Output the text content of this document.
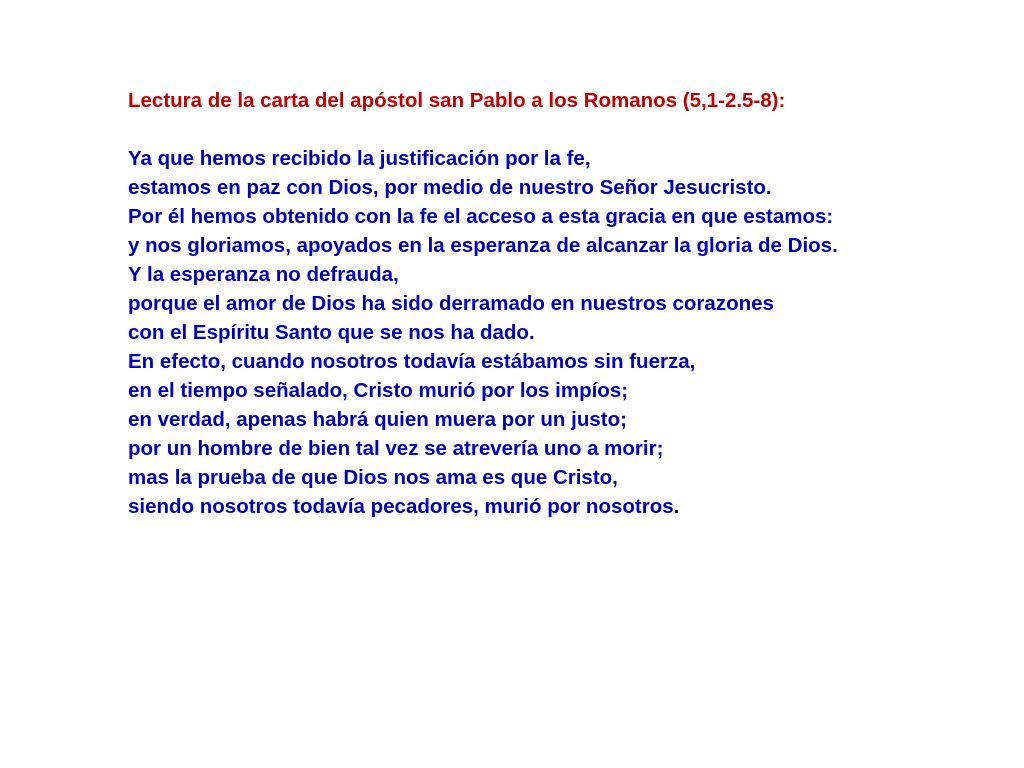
Lectura de la carta del apóstol san Pablo a los Romanos (5,1-2.5-8):
Ya que hemos recibido la justificación por la fe,
estamos en paz con Dios, por medio de nuestro Señor Jesucristo.
Por él hemos obtenido con la fe el acceso a esta gracia en que estamos:
y nos gloriamos, apoyados en la esperanza de alcanzar la gloria de Dios.
Y la esperanza no defrauda,
porque el amor de Dios ha sido derramado en nuestros corazones
con el Espíritu Santo que se nos ha dado.
En efecto, cuando nosotros todavía estábamos sin fuerza,
en el tiempo señalado, Cristo murió por los impíos;
en verdad, apenas habrá quien muera por un justo;
por un hombre de bien tal vez se atrevería uno a morir;
mas la prueba de que Dios nos ama es que Cristo,
siendo nosotros todavía pecadores, murió por nosotros.
